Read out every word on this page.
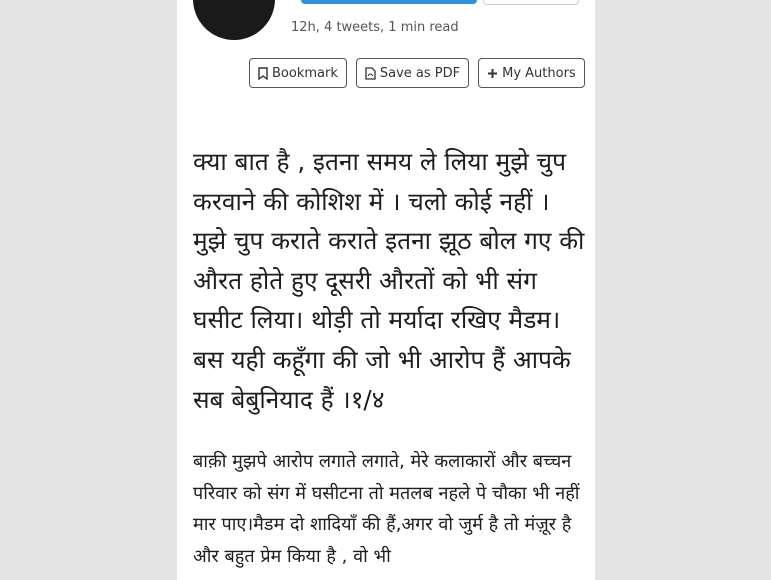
12h, 4 tweets, 1 min read
Bookmark	Save as PDF	My Authors

क्या बात है , इतना समय ले लिया मुझे चुप करवाने की कोशिश में । चलो कोई नहीं । मुझे चुप कराते कराते इतना झूठ बोल गए की औरत होते हुए दूसरी औरतों को भी संग घसीट लिया। थोड़ी तो मर्यादा रखिए मैडम। बस यही कहूँगा की जो भी आरोप हैं आपके सब बेबुनियाद हैं ।१/४

बाक़ी मुझपे आरोप लगाते लगाते, मेरे कलाकारों और बच्चन परिवार को संग में घसीटना तो मतलब नहले पे चौका भी नहीं मार पाए।मैडम दो शादियाँ की हैं,अगर वो जुर्म है तो मंज़ूर है और बहुत प्रेम किया है , वो भी
